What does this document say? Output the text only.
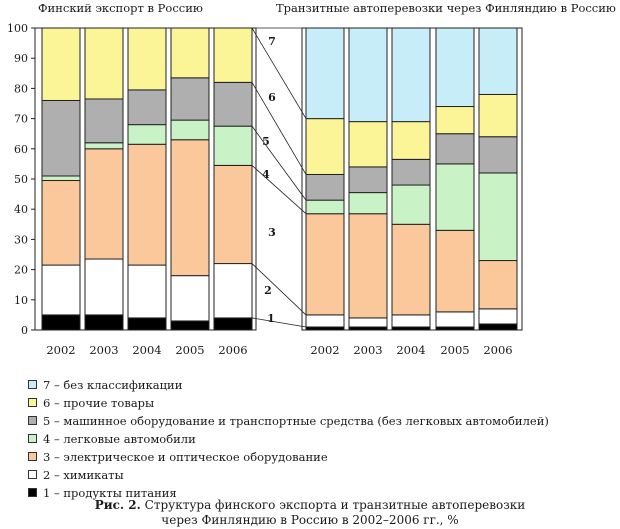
Финский экспорт в Россию
0
10
20
30
40
50
60
70
80
90
100
2002 2003 2004 2005 2006
Транзитные автоперевозки через Финляндию в Россию
2002 2003 2004 2005 2006
1
2
3
4
5
6
7
7 – без классификации
6 – прочие товары
5 – машинное оборудование и транспортные средства (без легковых автомобилей)
4 – легковые автомобили
3 – электрическое и оптическое оборудование
2 – химикаты
1 – продукты питания
Рис. 2. Структура финского экспорта и транзитные автоперевозки
через Финляндию в Россию в 2002–2006 гг., %
